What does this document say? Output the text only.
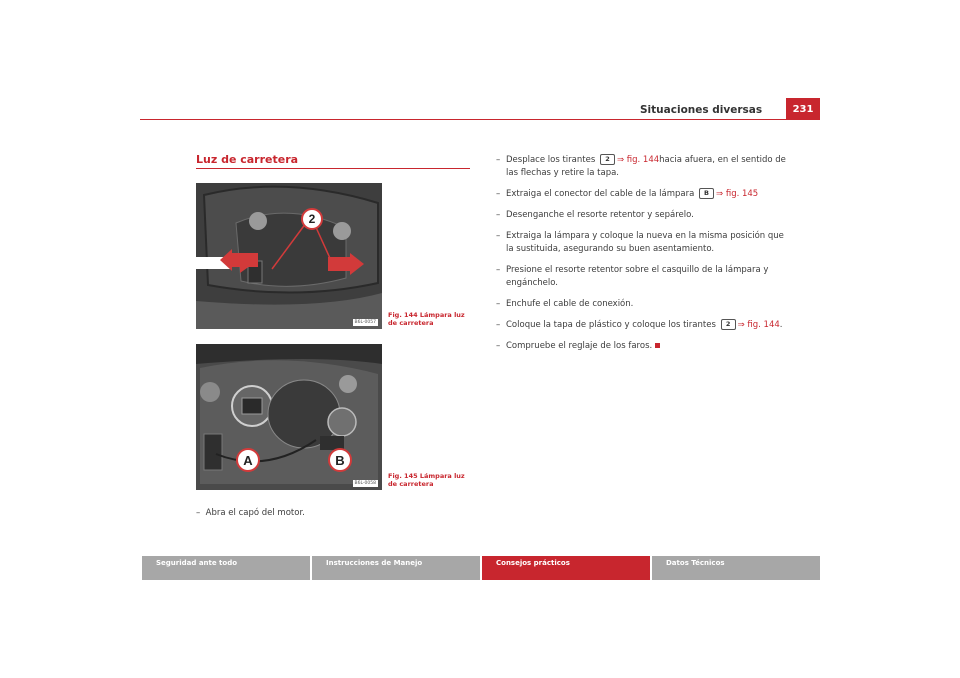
Situaciones diversas	231
Luz de carretera
2
B6L-0057
Fig. 144 Lámpara luz de carretera
A	B
B6L-0058
Fig. 145 Lámpara luz de carretera
– Abra el capó del motor.
– Desplace los tirantes 2 ⇒ fig. 144hacia afuera, en el sentido de las flechas y retire la tapa.
– Extraiga el conector del cable de la lámpara B ⇒ fig. 145
– Desenganche el resorte retentor y sepárelo.
– Extraiga la lámpara y coloque la nueva en la misma posición que la sustituida, asegurando su buen asentamiento.
– Presione el resorte retentor sobre el casquillo de la lámpara y engánchelo.
– Enchufe el cable de conexión.
– Coloque la tapa de plástico y coloque los tirantes 2 ⇒ fig. 144.
– Compruebe el reglaje de los faros.
Seguridad ante todo	Instrucciones de Manejo	Consejos prácticos	Datos Técnicos
